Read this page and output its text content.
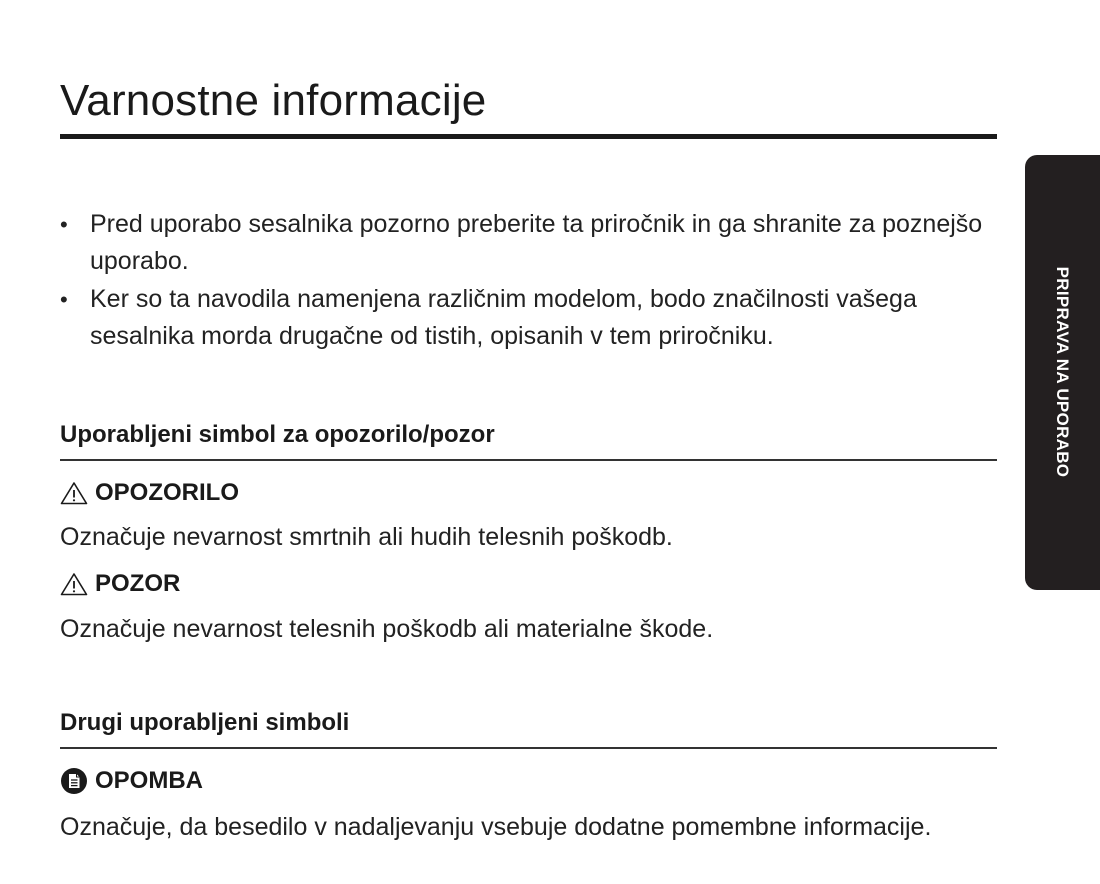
Varnostne informacije
PRIPRAVA NA UPORABO
• Pred uporabo sesalnika pozorno preberite ta priročnik in ga shranite za poznejšo uporabo.
• Ker so ta navodila namenjena različnim modelom, bodo značilnosti vašega sesalnika morda drugačne od tistih, opisanih v tem priročniku.
Uporabljeni simbol za opozorilo/pozor
OPOZORILO

Označuje nevarnost smrtnih ali hudih telesnih poškodb.

POZOR

Označuje nevarnost telesnih poškodb ali materialne škode.

Drugi uporabljeni simboli
OPOMBA

Označuje, da besedilo v nadaljevanju vsebuje dodatne pomembne informacije.
